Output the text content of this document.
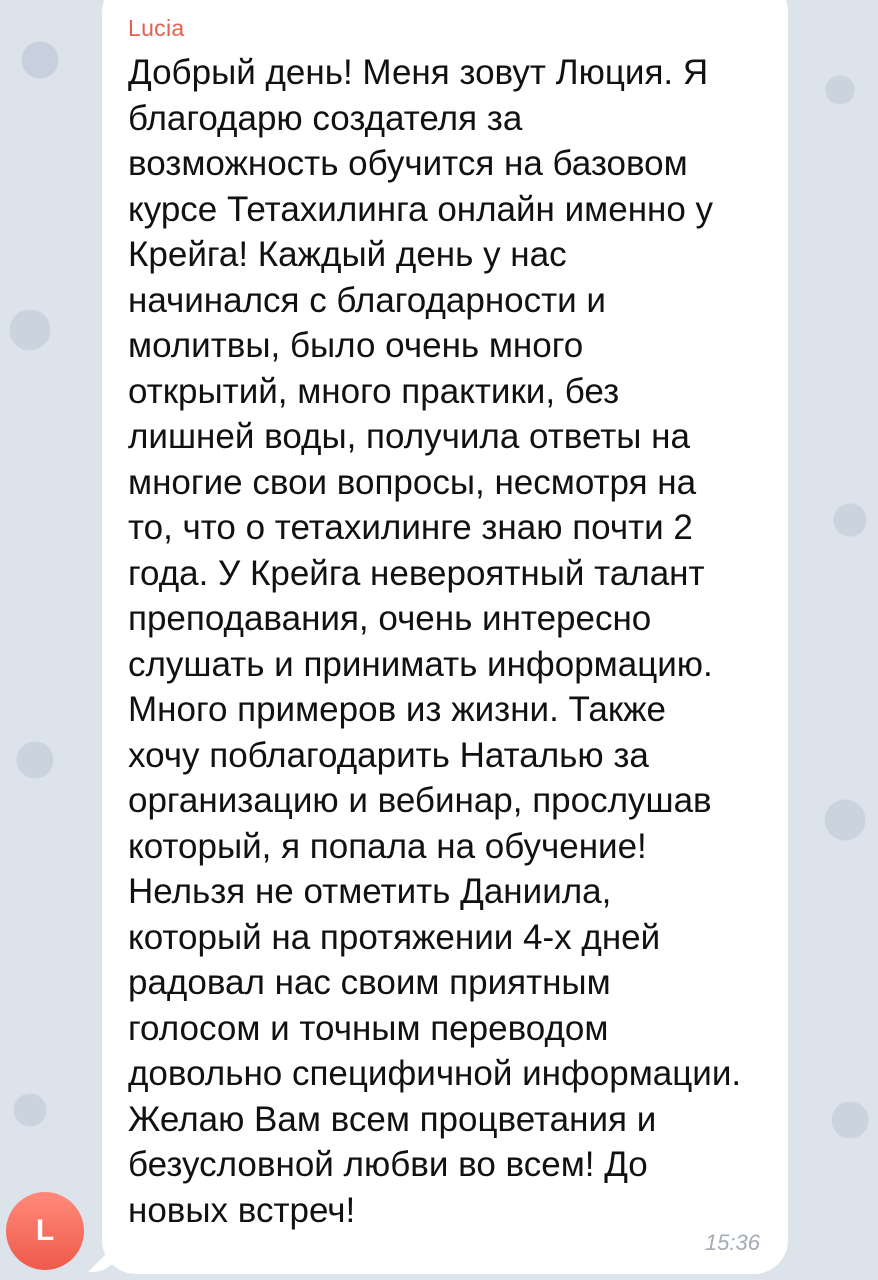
Lucia

Добрый день! Меня зовут Люция. Я
благодарю создателя за
возможность обучится на базовом
курсе Тетахилинга онлайн именно у
Крейга! Каждый день у нас
начинался с благодарности и
молитвы, было очень много
открытий, много практики, без
лишней воды, получила ответы на
многие свои вопросы, несмотря на
то, что о тетахилинге знаю почти 2
года. У Крейга невероятный талант
преподавания, очень интересно
слушать и принимать информацию.
Много примеров из жизни. Также
хочу поблагодарить Наталью за
организацию и вебинар, прослушав
который, я попала на обучение!
Нельзя не отметить Даниила,
который на протяжении 4-х дней
радовал нас своим приятным
голосом и точным переводом
довольно специфичной информации.
Желаю Вам всем процветания и
безусловной любви во всем! До
новых встреч!

15:36
L
